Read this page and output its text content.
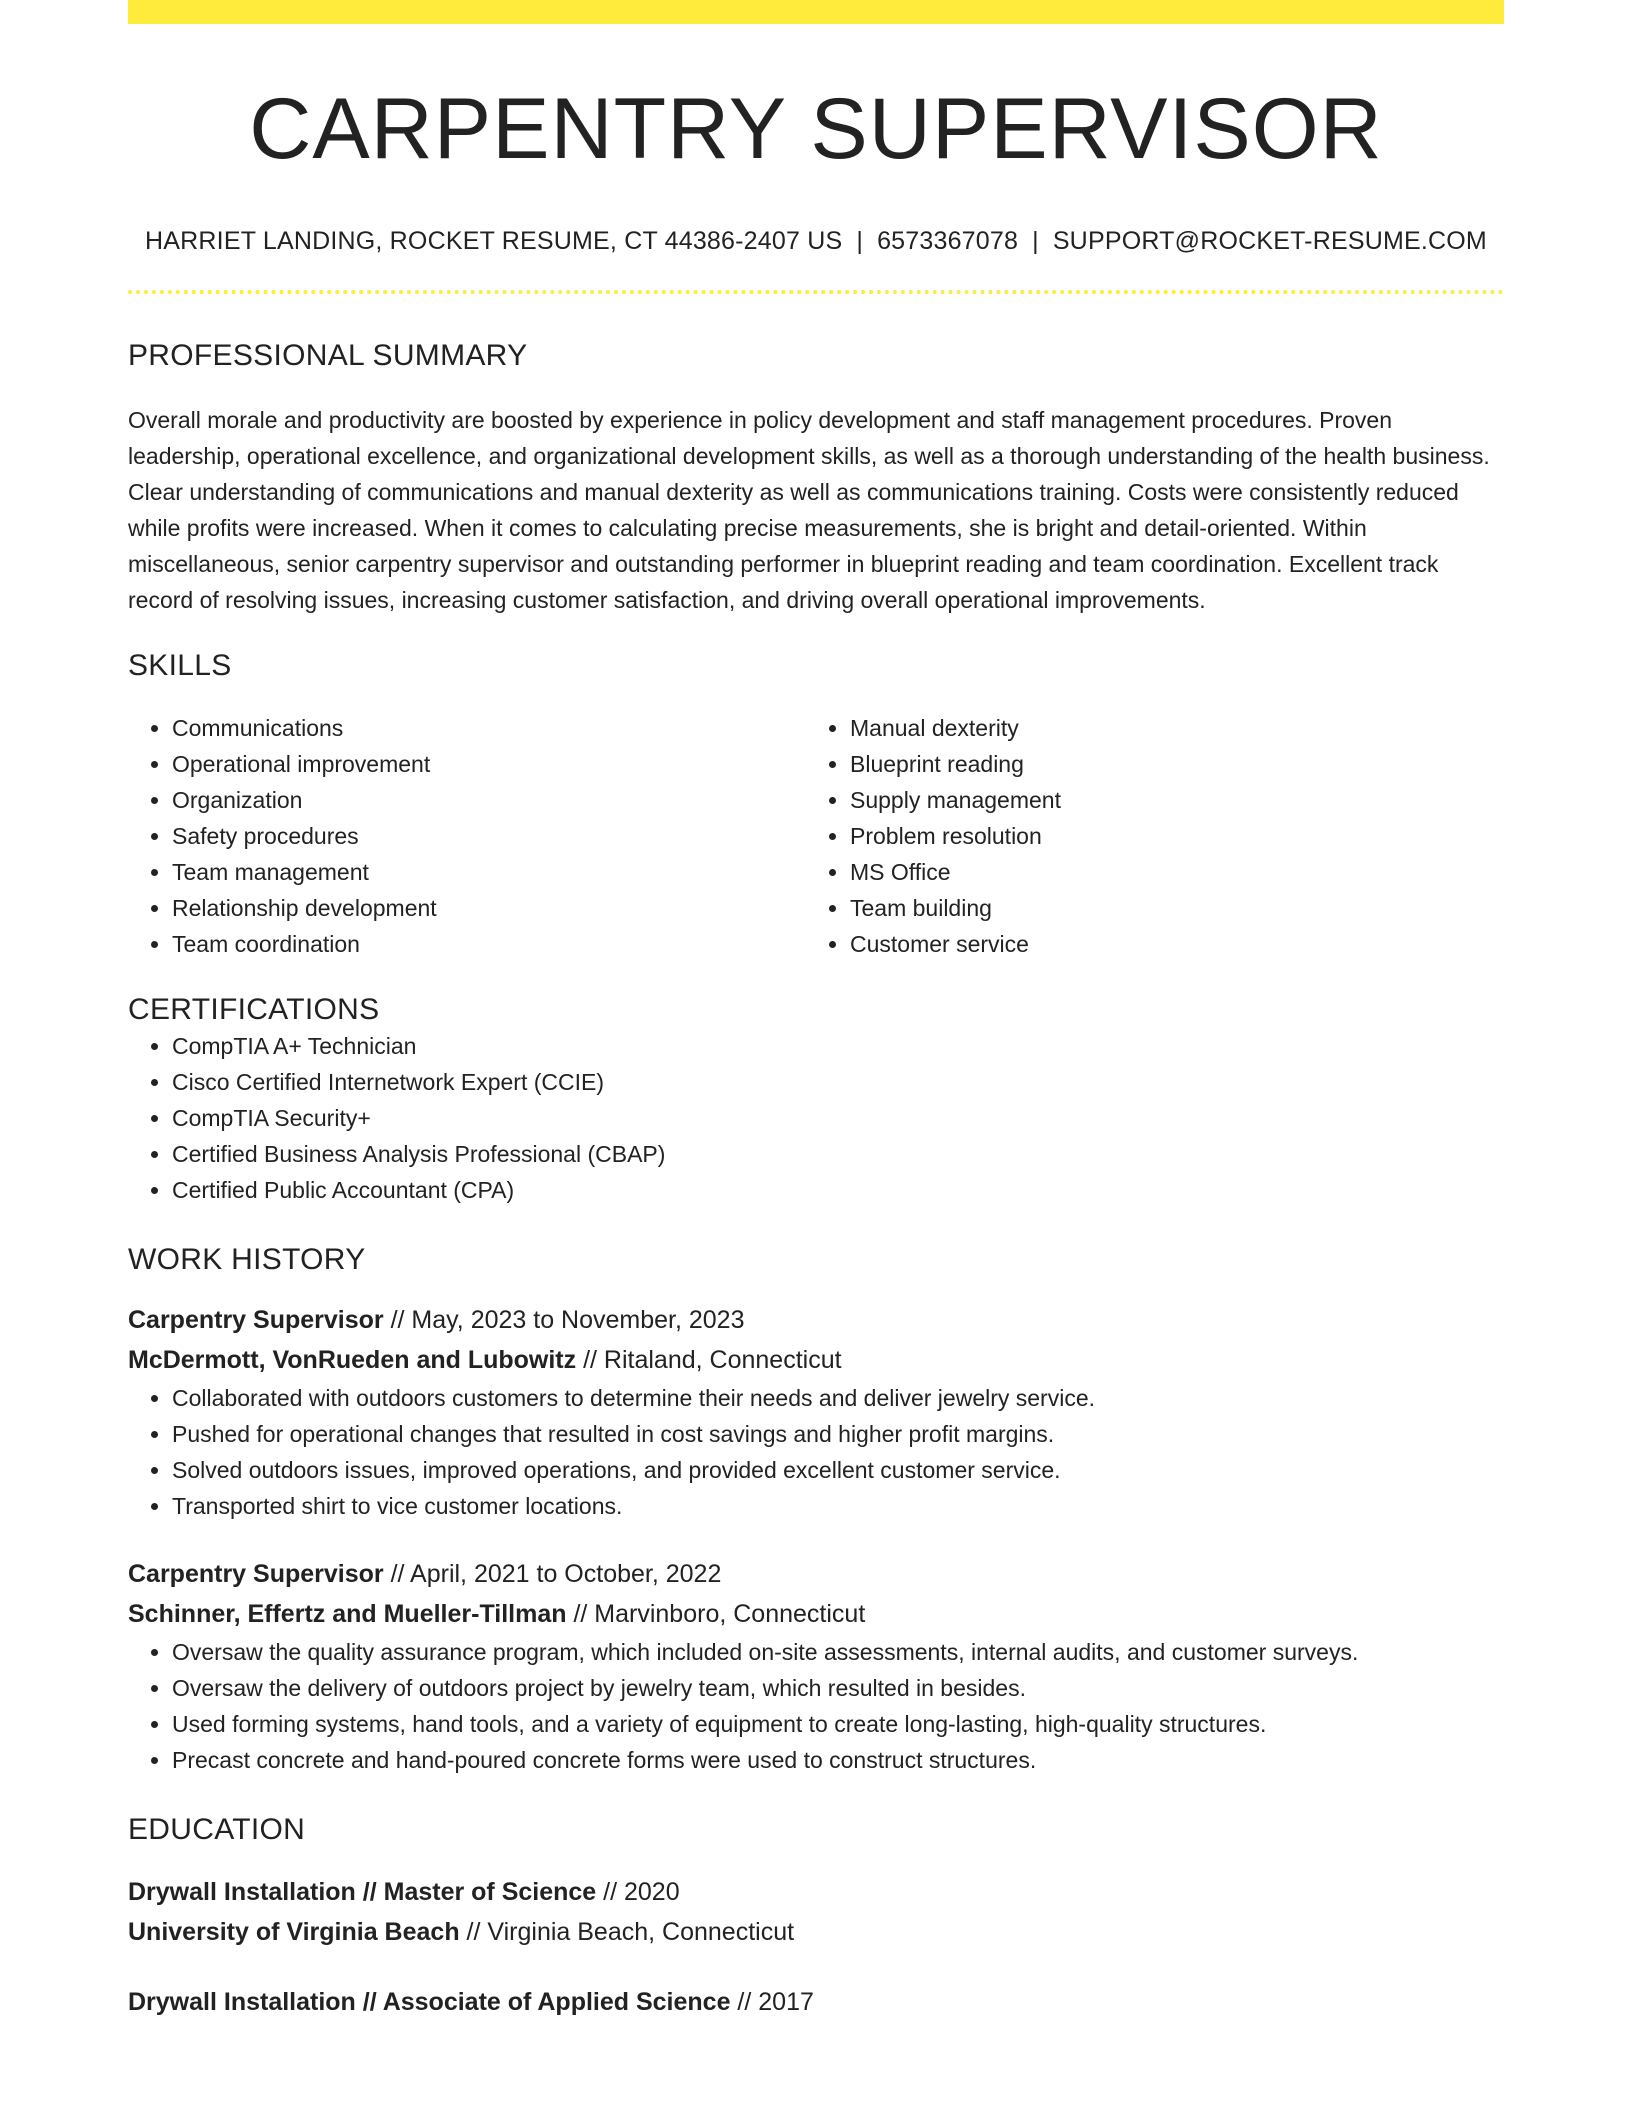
CARPENTRY SUPERVISOR
HARRIET LANDING, ROCKET RESUME, CT 44386-2407 US | 6573367078 | SUPPORT@ROCKET-RESUME.COM
PROFESSIONAL SUMMARY

Overall morale and productivity are boosted by experience in policy development and staff management procedures. Proven leadership, operational excellence, and organizational development skills, as well as a thorough understanding of the health business. Clear understanding of communications and manual dexterity as well as communications training. Costs were consistently reduced while profits were increased. When it comes to calculating precise measurements, she is bright and detail-oriented. Within miscellaneous, senior carpentry supervisor and outstanding performer in blueprint reading and team coordination. Excellent track record of resolving issues, increasing customer satisfaction, and driving overall operational improvements.

SKILLS
• Communications
• Operational improvement
• Organization
• Safety procedures
• Team management
• Relationship development
• Team coordination
• Manual dexterity
• Blueprint reading
• Supply management
• Problem resolution
• MS Office
• Team building
• Customer service
CERTIFICATIONS
• CompTIA A+ Technician
• Cisco Certified Internetwork Expert (CCIE)
• CompTIA Security+
• Certified Business Analysis Professional (CBAP)
• Certified Public Accountant (CPA)
WORK HISTORY
Carpentry Supervisor // May, 2023 to November, 2023
McDermott, VonRueden and Lubowitz // Ritaland, Connecticut
• Collaborated with outdoors customers to determine their needs and deliver jewelry service.
• Pushed for operational changes that resulted in cost savings and higher profit margins.
• Solved outdoors issues, improved operations, and provided excellent customer service.
• Transported shirt to vice customer locations.
Carpentry Supervisor // April, 2021 to October, 2022
Schinner, Effertz and Mueller-Tillman // Marvinboro, Connecticut
• Oversaw the quality assurance program, which included on-site assessments, internal audits, and customer surveys.
• Oversaw the delivery of outdoors project by jewelry team, which resulted in besides.
• Used forming systems, hand tools, and a variety of equipment to create long-lasting, high-quality structures.
• Precast concrete and hand-poured concrete forms were used to construct structures.
EDUCATION
Drywall Installation // Master of Science // 2020
University of Virginia Beach // Virginia Beach, Connecticut
Drywall Installation // Associate of Applied Science // 2017
